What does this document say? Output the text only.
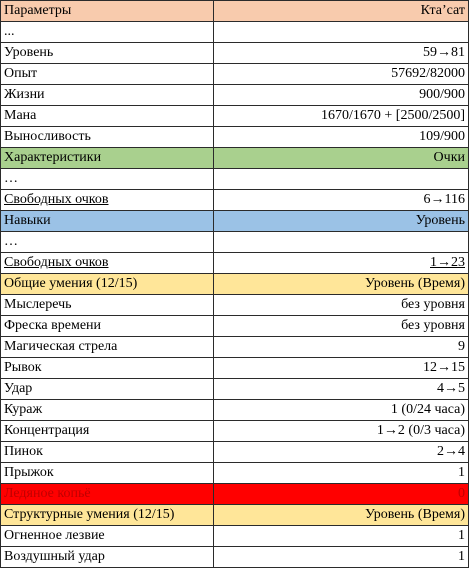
Параметры	Кта’сат
...	
Уровень	59→81
Опыт	57692/82000
Жизни	900/900
Мана	1670/1670 + [2500/2500]
Выносливость	109/900
Характеристики	Очки
…	
Свободных очков	6→116
Навыки	Уровень
…	
Свободных очков	1→23
Общие умения (12/15)	Уровень (Время)
Мыслеречь	без уровня
Фреска времени	без уровня
Магическая стрела	9
Рывок	12→15
Удар	4→5
Кураж	1 (0/24 часа)
Концентрация	1→2 (0/3 часа)
Пинок	2→4
Прыжок	1
Ледяное копьё	0
Структурные умения (12/15)	Уровень (Время)
Огненное лезвие	1
Воздушный удар	1
